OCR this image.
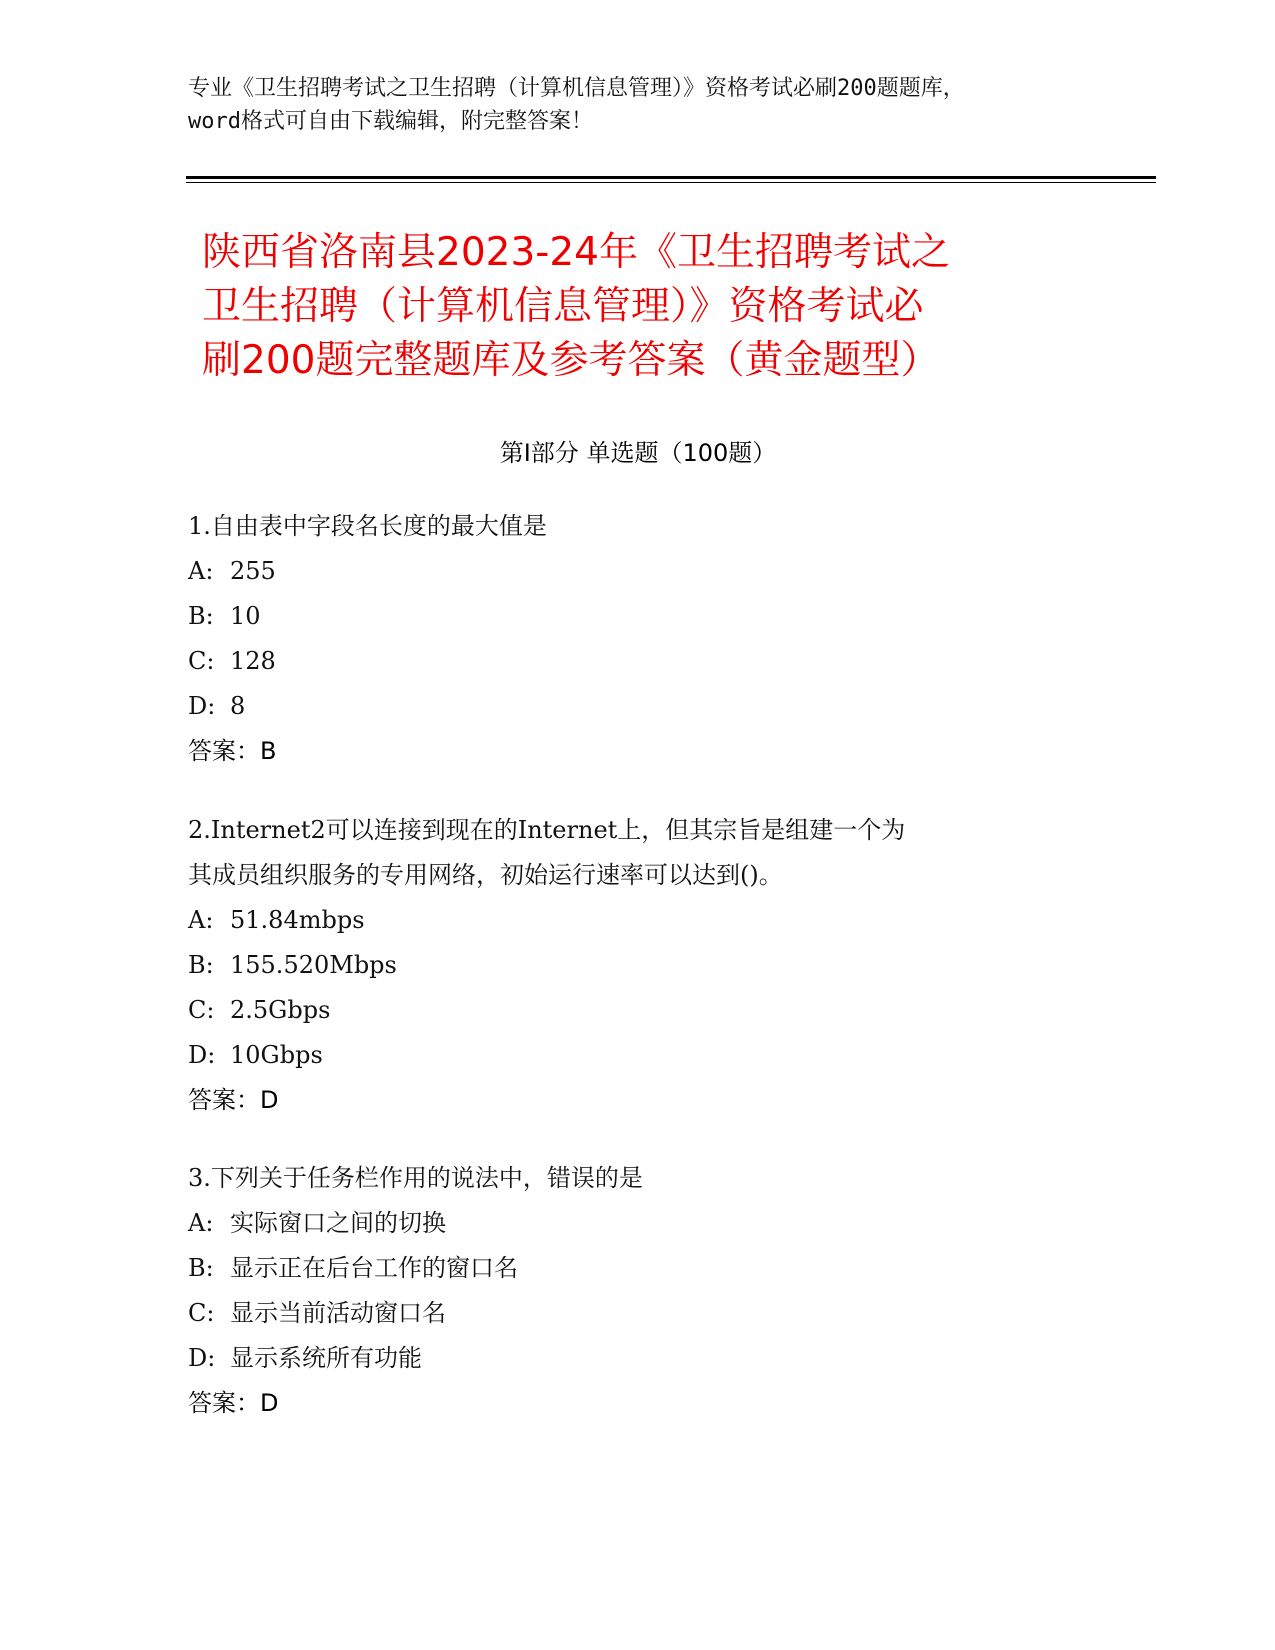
专业《卫生招聘考试之卫生招聘（计算机信息管理）》资格考试必刷200题题库，
word格式可自由下载编辑，附完整答案！
陕西省洛南县2023-24年《卫生招聘考试之
卫生招聘（计算机信息管理）》资格考试必
刷200题完整题库及参考答案（黄金题型）
第Ⅰ部分 单选题（100题）
1.自由表中字段名长度的最大值是
A: 255
B: 10
C: 128
D: 8
答案：B
2.Internet2可以连接到现在的Internet上，但其宗旨是组建一个为
其成员组织服务的专用网络，初始运行速率可以达到()。
A: 51.84mbps
B: 155.520Mbps
C: 2.5Gbps
D: 10Gbps
答案：D
3.下列关于任务栏作用的说法中，错误的是
A: 实际窗口之间的切换
B: 显示正在后台工作的窗口名
C: 显示当前活动窗口名
D: 显示系统所有功能
答案：D
